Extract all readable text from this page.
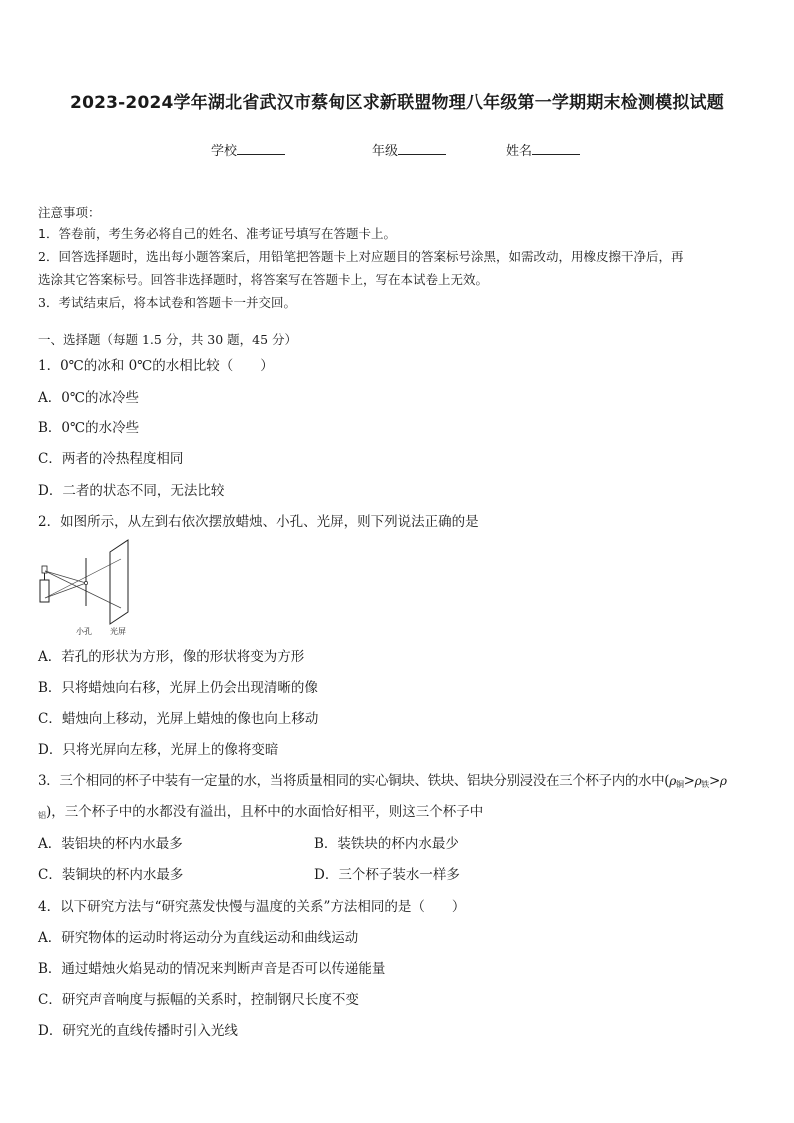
2023-2024学年湖北省武汉市蔡甸区求新联盟物理八年级第一学期期末检测模拟试题
学校	年级	姓名
注意事项：
1．答卷前，考生务必将自己的姓名、准考证号填写在答题卡上。
2．回答选择题时，选出每小题答案后，用铅笔把答题卡上对应题目的答案标号涂黑，如需改动，用橡皮擦干净后，再
选涂其它答案标号。回答非选择题时，将答案写在答题卡上，写在本试卷上无效。
3．考试结束后，将本试卷和答题卡一并交回。
一、选择题（每题 1.5 分，共 30 题，45 分）
1．0℃的冰和 0℃的水相比较（　　）
A．0℃的冰冷些
B．0℃的水冷些
C．两者的冷热程度相同
D．二者的状态不同，无法比较
2．如图所示，从左到右依次摆放蜡烛、小孔、光屏，则下列说法正确的是
小孔 光屏
A．若孔的形状为方形，像的形状将变为方形
B．只将蜡烛向右移，光屏上仍会出现清晰的像
C．蜡烛向上移动，光屏上蜡烛的像也向上移动
D．只将光屏向左移，光屏上的像将变暗
3．三个相同的杯子中装有一定量的水，当将质量相同的实心铜块、铁块、铝块分别浸没在三个杯子内的水中($\rho_铜>\rho_铁>\rho$
$_铝$)，三个杯子中的水都没有溢出，且杯中的水面恰好相平，则这三个杯子中
A．装铝块的杯内水最多	B．装铁块的杯内水最少
C．装铜块的杯内水最多	D．三个杯子装水一样多
4．以下研究方法与“研究蒸发快慢与温度的关系”方法相同的是（　　）
A．研究物体的运动时将运动分为直线运动和曲线运动
B．通过蜡烛火焰晃动的情况来判断声音是否可以传递能量
C．研究声音响度与振幅的关系时，控制钢尺长度不变
D．研究光的直线传播时引入光线
